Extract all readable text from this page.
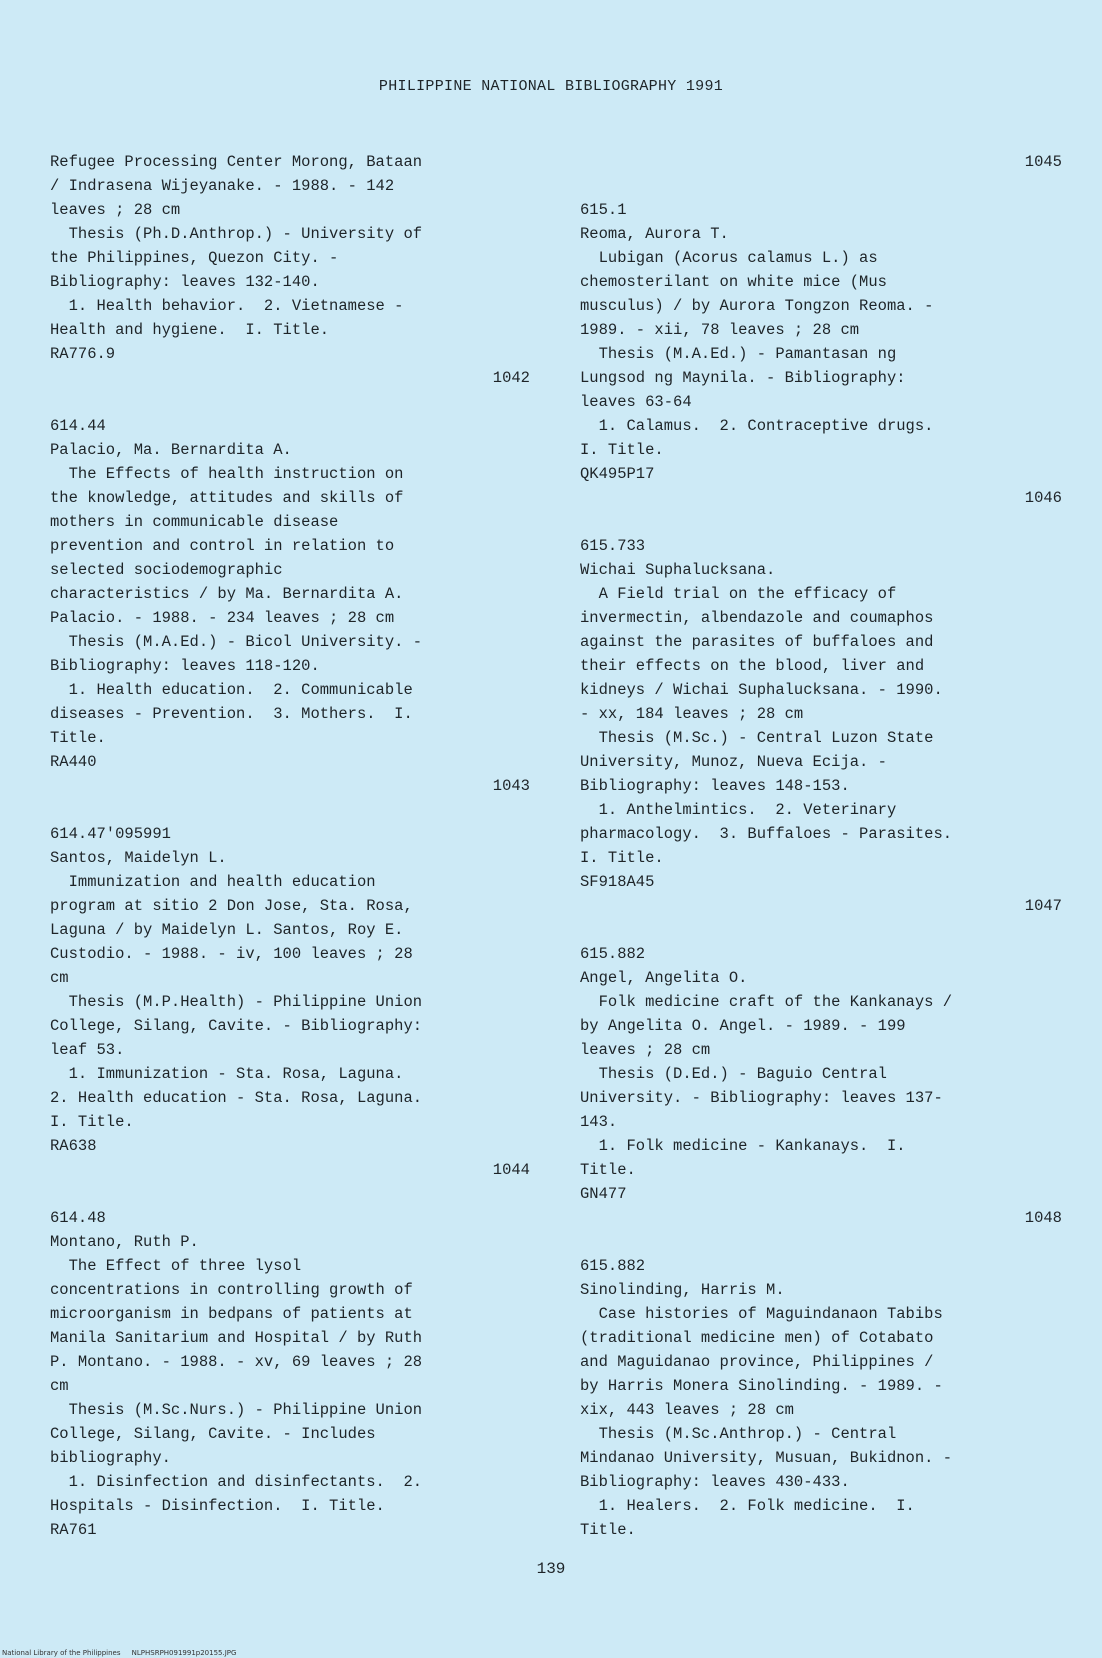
PHILIPPINE NATIONAL BIBLIOGRAPHY 1991
Refugee Processing Center Morong, Bataan
/ Indrasena Wijeyanake. - 1988. - 142
leaves ; 28 cm
Thesis (Ph.D.Anthrop.) - University of
the Philippines, Quezon City. -
Bibliography: leaves 132-140.
1. Health behavior.  2. Vietnamese -
Health and hygiene.  I. Title.
RA776.9
1042
614.44
Palacio, Ma. Bernardita A.
The Effects of health instruction on
the knowledge, attitudes and skills of
mothers in communicable disease
prevention and control in relation to
selected sociodemographic
characteristics / by Ma. Bernardita A.
Palacio. - 1988. - 234 leaves ; 28 cm
Thesis (M.A.Ed.) - Bicol University. -
Bibliography: leaves 118-120.
1. Health education.  2. Communicable
diseases - Prevention.  3. Mothers.  I.
Title.
RA440
1043
614.47'095991
Santos, Maidelyn L.
Immunization and health education
program at sitio 2 Don Jose, Sta. Rosa,
Laguna / by Maidelyn L. Santos, Roy E.
Custodio. - 1988. - iv, 100 leaves ; 28
cm
Thesis (M.P.Health) - Philippine Union
College, Silang, Cavite. - Bibliography:
leaf 53.
1. Immunization - Sta. Rosa, Laguna.
2. Health education - Sta. Rosa, Laguna.
I. Title.
RA638
1044
614.48
Montano, Ruth P.
The Effect of three lysol
concentrations in controlling growth of
microorganism in bedpans of patients at
Manila Sanitarium and Hospital / by Ruth
P. Montano. - 1988. - xv, 69 leaves ; 28
cm
Thesis (M.Sc.Nurs.) - Philippine Union
College, Silang, Cavite. - Includes
bibliography.
1. Disinfection and disinfectants.  2.
Hospitals - Disinfection.  I. Title.
RA761
1045
615.1
Reoma, Aurora T.
Lubigan (Acorus calamus L.) as
chemosterilant on white mice (Mus
musculus) / by Aurora Tongzon Reoma. -
1989. - xii, 78 leaves ; 28 cm
Thesis (M.A.Ed.) - Pamantasan ng
Lungsod ng Maynila. - Bibliography:
leaves 63-64
1. Calamus.  2. Contraceptive drugs.
I. Title.
QK495P17
1046
615.733
Wichai Suphalucksana.
A Field trial on the efficacy of
invermectin, albendazole and coumaphos
against the parasites of buffaloes and
their effects on the blood, liver and
kidneys / Wichai Suphalucksana. - 1990.
- xx, 184 leaves ; 28 cm
Thesis (M.Sc.) - Central Luzon State
University, Munoz, Nueva Ecija. -
Bibliography: leaves 148-153.
1. Anthelmintics.  2. Veterinary
pharmacology.  3. Buffaloes - Parasites.
I. Title.
SF918A45
1047
615.882
Angel, Angelita O.
Folk medicine craft of the Kankanays /
by Angelita O. Angel. - 1989. - 199
leaves ; 28 cm
Thesis (D.Ed.) - Baguio Central
University. - Bibliography: leaves 137-
143.
1. Folk medicine - Kankanays.  I.
Title.
GN477
1048
615.882
Sinolinding, Harris M.
Case histories of Maguindanaon Tabibs
(traditional medicine men) of Cotabato
and Maguidanao province, Philippines /
by Harris Monera Sinolinding. - 1989. -
xix, 443 leaves ; 28 cm
Thesis (M.Sc.Anthrop.) - Central
Mindanao University, Musuan, Bukidnon. -
Bibliography: leaves 430-433.
1. Healers.  2. Folk medicine.  I.
Title.
139
National Library of the Philippines NLPHSRPH091991p20155.JPG
